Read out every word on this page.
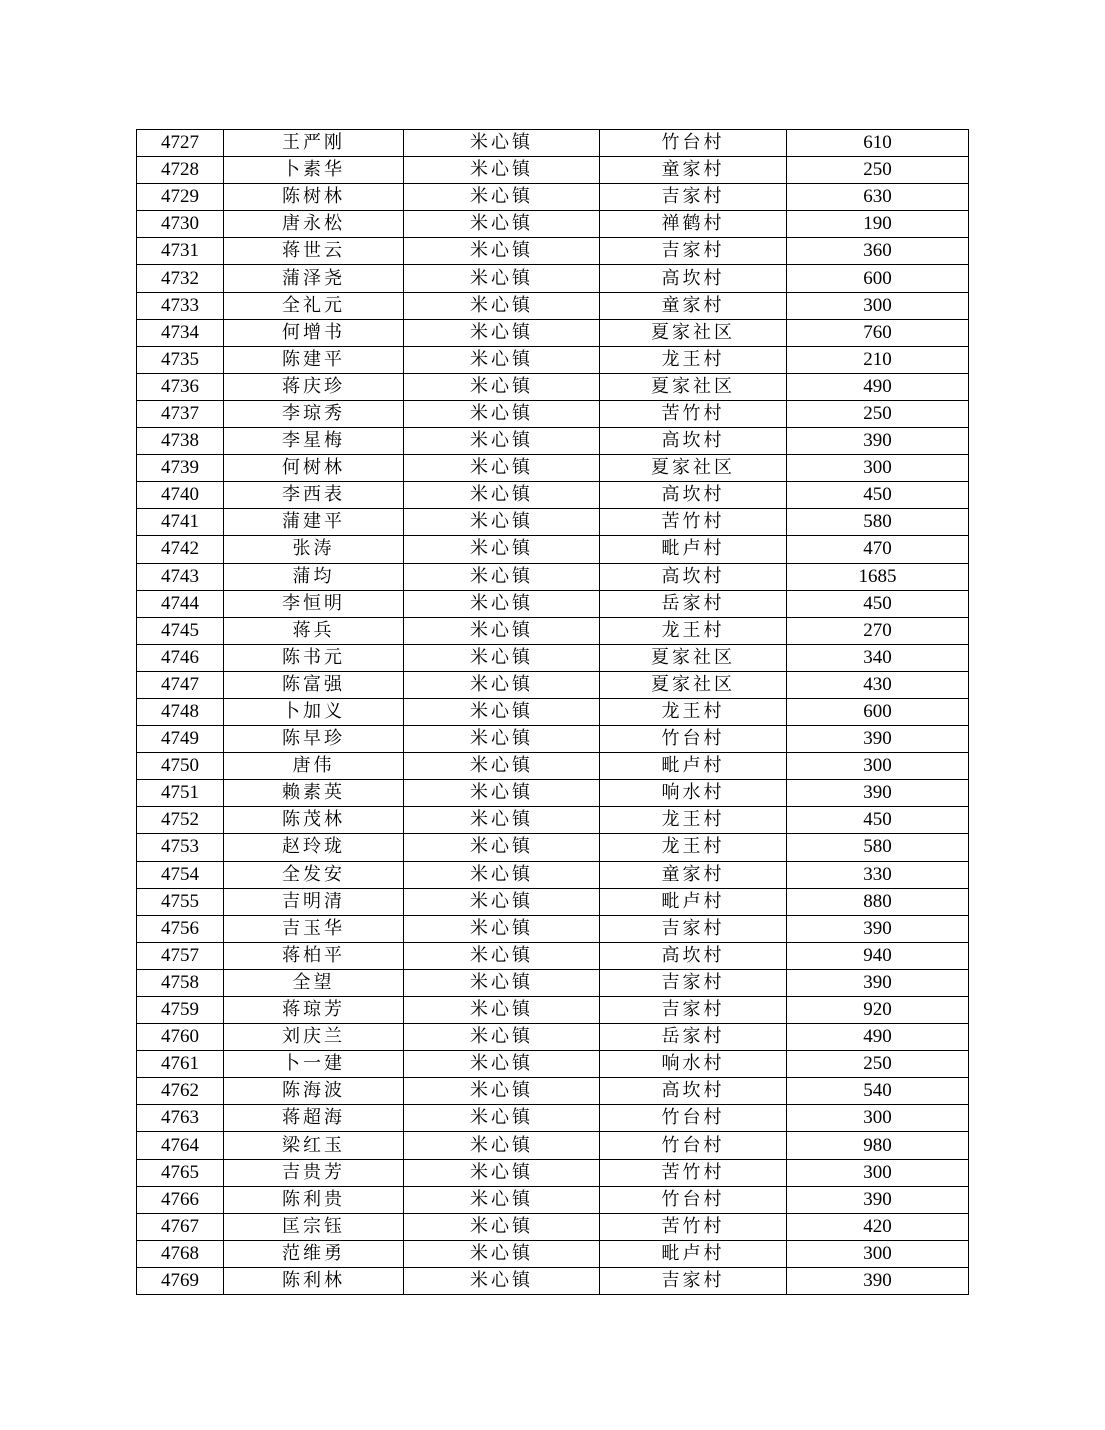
4727	王严刚	米心镇	竹台村	610
4728	卜素华	米心镇	童家村	250
4729	陈树林	米心镇	吉家村	630
4730	唐永松	米心镇	禅鹤村	190
4731	蒋世云	米心镇	吉家村	360
4732	蒲泽尧	米心镇	高坎村	600
4733	全礼元	米心镇	童家村	300
4734	何增书	米心镇	夏家社区	760
4735	陈建平	米心镇	龙王村	210
4736	蒋庆珍	米心镇	夏家社区	490
4737	李琼秀	米心镇	苦竹村	250
4738	李星梅	米心镇	高坎村	390
4739	何树林	米心镇	夏家社区	300
4740	李西表	米心镇	高坎村	450
4741	蒲建平	米心镇	苦竹村	580
4742	张涛	米心镇	毗卢村	470
4743	蒲均	米心镇	高坎村	1685
4744	李恒明	米心镇	岳家村	450
4745	蒋兵	米心镇	龙王村	270
4746	陈书元	米心镇	夏家社区	340
4747	陈富强	米心镇	夏家社区	430
4748	卜加义	米心镇	龙王村	600
4749	陈早珍	米心镇	竹台村	390
4750	唐伟	米心镇	毗卢村	300
4751	赖素英	米心镇	响水村	390
4752	陈茂林	米心镇	龙王村	450
4753	赵玲珑	米心镇	龙王村	580
4754	全发安	米心镇	童家村	330
4755	吉明清	米心镇	毗卢村	880
4756	吉玉华	米心镇	吉家村	390
4757	蒋柏平	米心镇	高坎村	940
4758	全望	米心镇	吉家村	390
4759	蒋琼芳	米心镇	吉家村	920
4760	刘庆兰	米心镇	岳家村	490
4761	卜一建	米心镇	响水村	250
4762	陈海波	米心镇	高坎村	540
4763	蒋超海	米心镇	竹台村	300
4764	梁红玉	米心镇	竹台村	980
4765	吉贵芳	米心镇	苦竹村	300
4766	陈利贵	米心镇	竹台村	390
4767	匡宗钰	米心镇	苦竹村	420
4768	范维勇	米心镇	毗卢村	300
4769	陈利林	米心镇	吉家村	390
